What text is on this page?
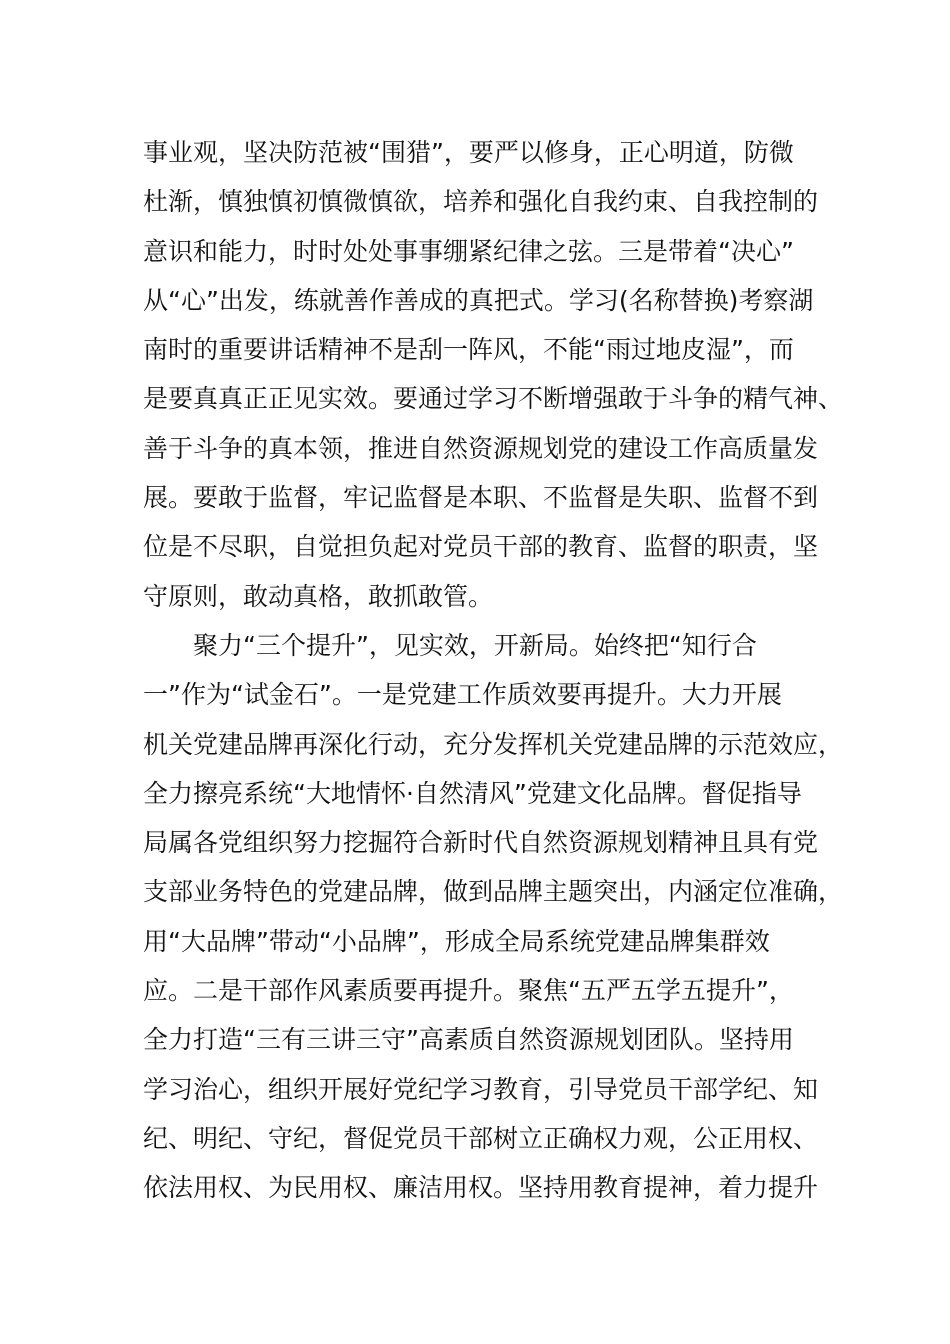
事业观，坚决防范被“围猎”，要严以修身，正心明道，防微
杜渐，慎独慎初慎微慎欲，培养和强化自我约束、自我控制的
意识和能力，时时处处事事绷紧纪律之弦。三是带着“决心”
从“心”出发，练就善作善成的真把式。学习(名称替换)考察湖
南时的重要讲话精神不是刮一阵风，不能“雨过地皮湿”，而
是要真真正正见实效。要通过学习不断增强敢于斗争的精气神、
善于斗争的真本领，推进自然资源规划党的建设工作高质量发
展。要敢于监督，牢记监督是本职、不监督是失职、监督不到
位是不尽职，自觉担负起对党员干部的教育、监督的职责，坚
守原则，敢动真格，敢抓敢管。
聚力“三个提升”，见实效，开新局。始终把“知行合
一”作为“试金石”。一是党建工作质效要再提升。大力开展
机关党建品牌再深化行动，充分发挥机关党建品牌的示范效应，
全力擦亮系统“大地情怀·自然清风”党建文化品牌。督促指导
局属各党组织努力挖掘符合新时代自然资源规划精神且具有党
支部业务特色的党建品牌，做到品牌主题突出，内涵定位准确，
用“大品牌”带动“小品牌”，形成全局系统党建品牌集群效
应。二是干部作风素质要再提升。聚焦“五严五学五提升”，
全力打造“三有三讲三守”高素质自然资源规划团队。坚持用
学习治心，组织开展好党纪学习教育，引导党员干部学纪、知
纪、明纪、守纪，督促党员干部树立正确权力观，公正用权、
依法用权、为民用权、廉洁用权。坚持用教育提神，着力提升
